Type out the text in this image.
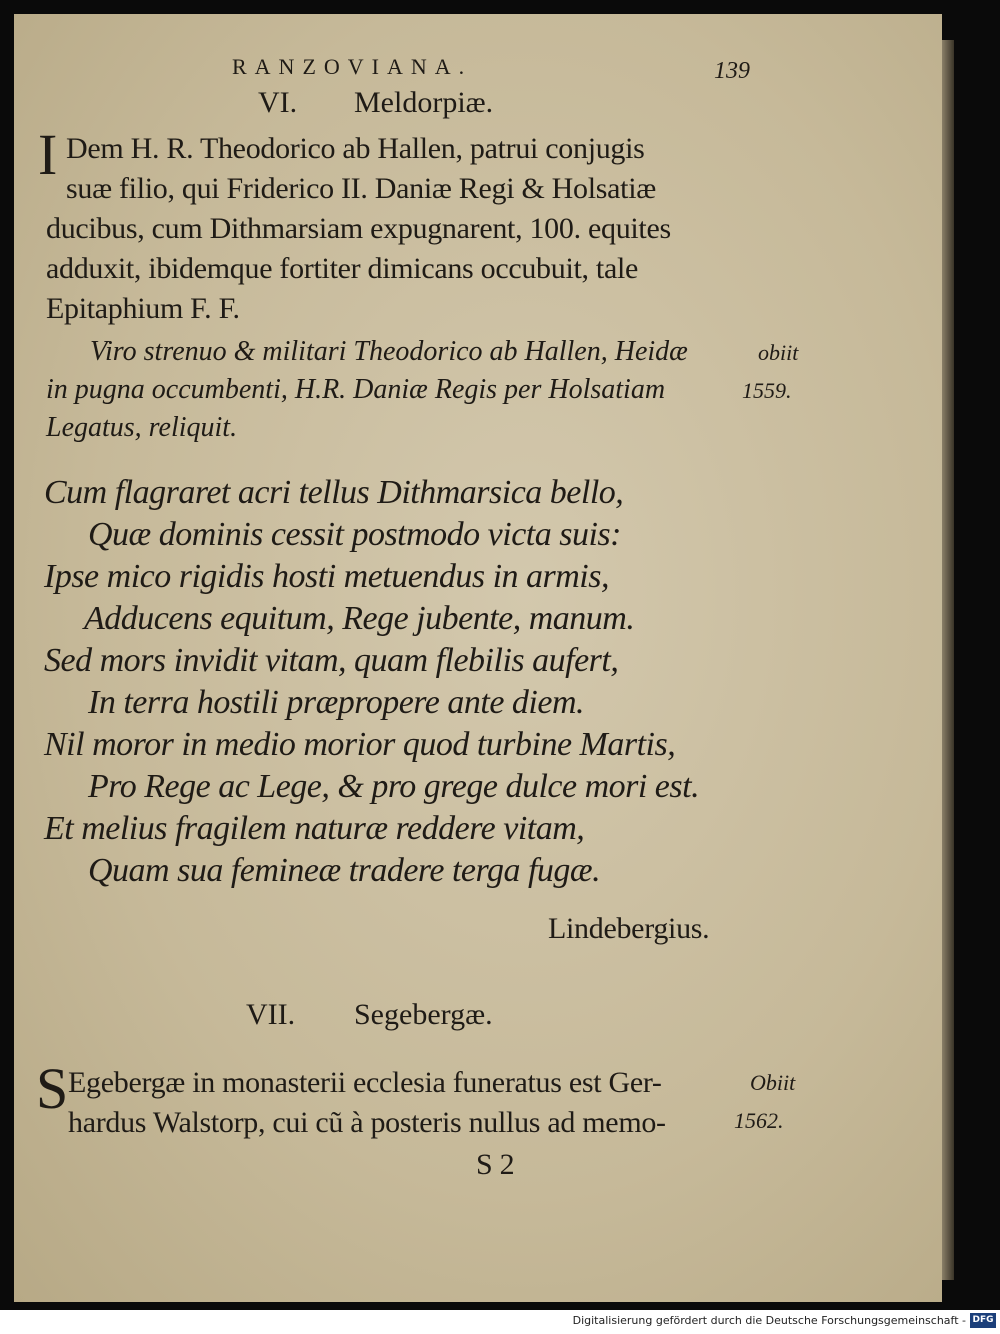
RANZOVIANA.	139
VI. Meldorpiæ.
I Dem H. R. Theodorico ab Hallen, patrui conjugis
suæ filio, qui Friderico II. Daniæ Regi & Holsatiæ
ducibus, cum Dithmarsiam expugnarent, 100. equites
adduxit, ibidemque fortiter dimicans occubuit, tale
Epitaphium F. F.
Viro strenuo & militari Theodorico ab Hallen, Heidæ
in pugna occumbenti, H.R. Daniæ Regis per Holsatiam
Legatus, reliquit.
obiit
1559.
Cum flagraret acri tellus Dithmarsica bello,
Quæ dominis cessit postmodo victa suis:
Ipse mico rigidis hosti metuendus in armis,
Adducens equitum, Rege jubente, manum.
Sed mors invidit vitam, quam flebilis aufert,
In terra hostili præpropere ante diem.
Nil moror in medio morior quod turbine Martis,
Pro Rege ac Lege, & pro grege dulce mori est.
Et melius fragilem naturæ reddere vitam,
Quam sua femineæ tradere terga fugæ.
Lindebergius.
VII. Segebergæ.
S Egebergæ in monasterii ecclesia funeratus est Ger-
hardus Walstorp, cui cũ à posteris nullus ad memo-
Obiit
1562.
S 2
Digitalisierung gefördert durch die Deutsche Forschungsgemeinschaft - DFG
